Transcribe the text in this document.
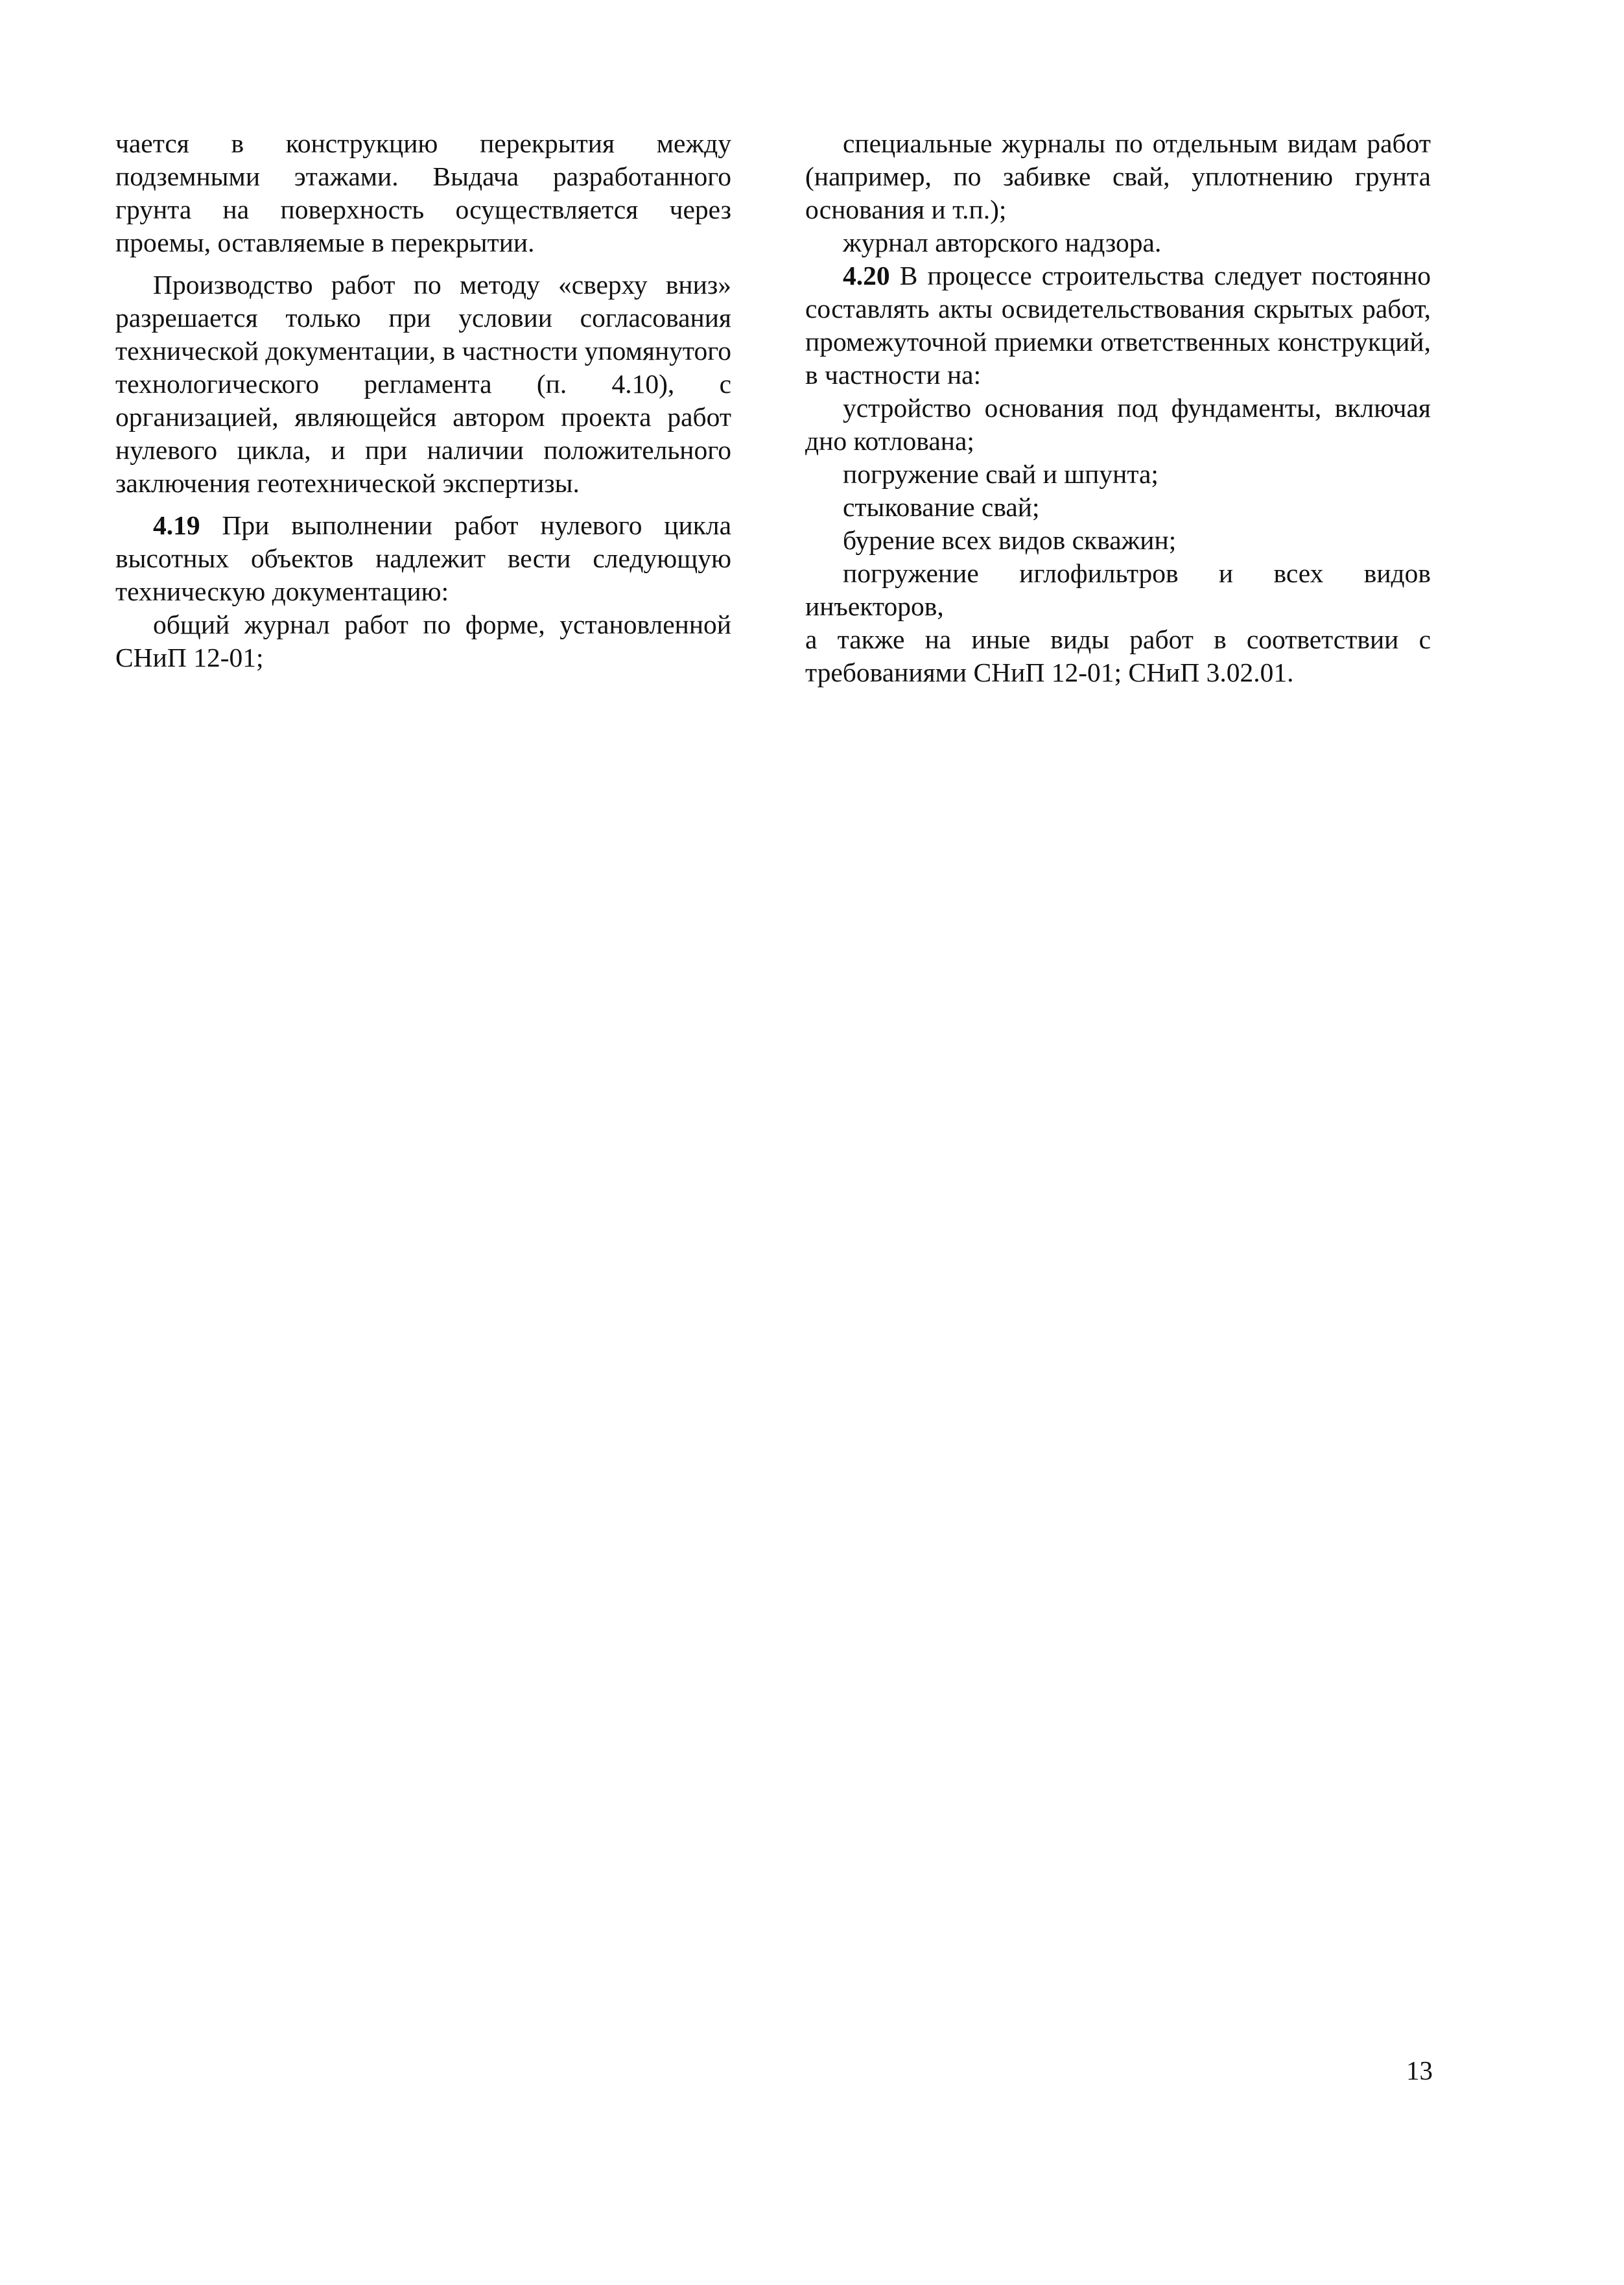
чается в конструкцию перекрытия между подземными этажами. Выдача разработанного грунта на поверхность осуществляется через проемы, оставляемые в перекрытии.

Производство работ по методу «сверху вниз» разрешается только при условии согласования технической документации, в частности упомянутого технологического регламента (п. 4.10), с организацией, являющейся автором проекта работ нулевого цикла, и при наличии положительного заключения геотехнической экспертизы.

4.19 При выполнении работ нулевого цикла высотных объектов надлежит вести следующую техническую документацию:

общий журнал работ по форме, установленной СНиП 12-01;

специальные журналы по отдельным видам работ (например, по забивке свай, уплотнению грунта основания и т.п.);

журнал авторского надзора.

4.20 В процессе строительства следует постоянно составлять акты освидетельствования скрытых работ, промежуточной приемки ответственных конструкций, в частности на:

устройство основания под фундаменты, включая дно котлована;

погружение свай и шпунта;

стыкование свай;

бурение всех видов скважин;

погружение иглофильтров и всех видов инъекторов,

а также на иные виды работ в соответствии с требованиями СНиП 12-01; СНиП 3.02.01.

13
